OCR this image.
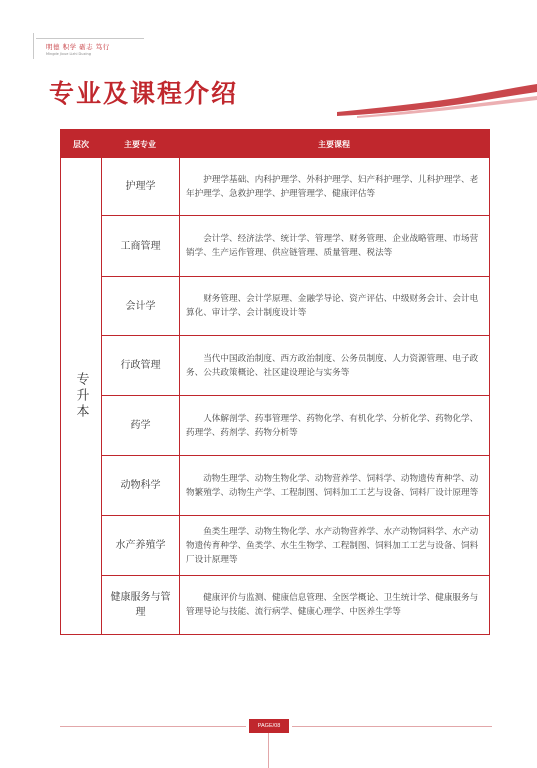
明德 积学 砺志 笃行
Mingde Jixue Lizhi Duxing
专业及课程介绍
层次	主要专业	主要课程
专升本
护理学
护理学基础、内科护理学、外科护理学、妇产科护理学、儿科护理学、老年护理学、急救护理学、护理管理学、健康评估等
工商管理
会计学、经济法学、统计学、管理学、财务管理、企业战略管理、市场营销学、生产运作管理、供应链管理、质量管理、税法等
会计学
财务管理、会计学原理、金融学导论、资产评估、中级财务会计、会计电算化、审计学、会计制度设计等
行政管理
当代中国政治制度、西方政治制度、公务员制度、人力资源管理、电子政务、公共政策概论、社区建设理论与实务等
药学
人体解剖学、药事管理学、药物化学、有机化学、分析化学、药物化学、药理学、药剂学、药物分析等
动物科学
动物生理学、动物生物化学、动物营养学、饲料学、动物遗传育种学、动物繁殖学、动物生产学、工程制图、饲料加工工艺与设备、饲料厂设计原理等
水产养殖学
鱼类生理学、动物生物化学、水产动物营养学、水产动物饲料学、水产动物遗传育种学、鱼类学、水生生物学、工程制图、饲料加工工艺与设备、饲料厂设计原理等
健康服务与管理
健康评价与监测、健康信息管理、全医学概论、卫生统计学、健康服务与管理导论与技能、流行病学、健康心理学、中医养生学等
PAGE/08
